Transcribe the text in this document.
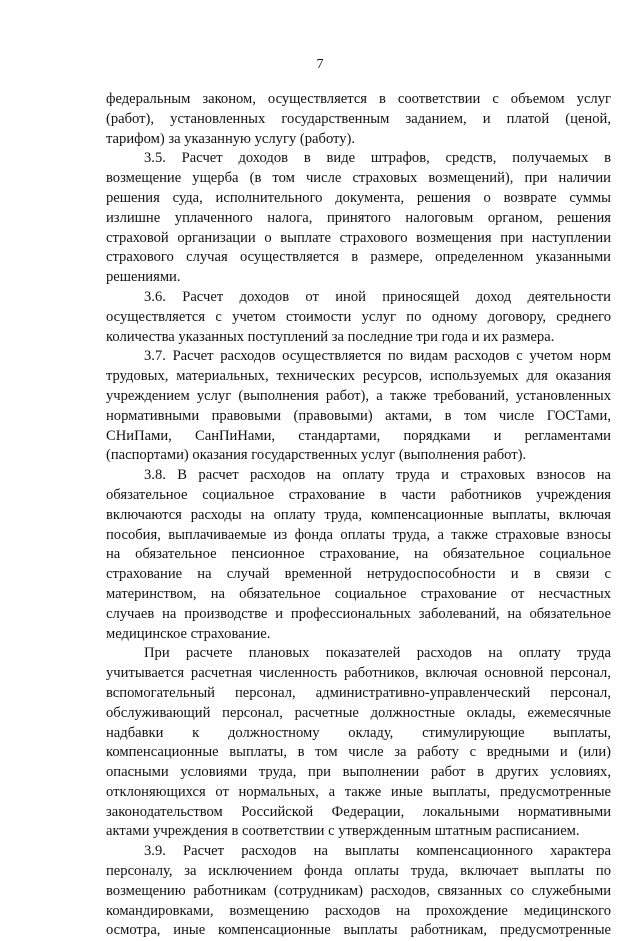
7
федеральным законом, осуществляется в соответствии с объемом услуг
(работ), установленных государственным заданием, и платой (ценой,
тарифом) за указанную услугу (работу).
3.5. Расчет доходов в виде штрафов, средств, получаемых в
возмещение ущерба (в том числе страховых возмещений), при наличии
решения суда, исполнительного документа, решения о возврате суммы
излишне уплаченного налога, принятого налоговым органом, решения
страховой организации о выплате страхового возмещения при наступлении
страхового случая осуществляется в размере, определенном указанными
решениями.
3.6. Расчет доходов от иной приносящей доход деятельности
осуществляется с учетом стоимости услуг по одному договору, среднего
количества указанных поступлений за последние три года и их размера.
3.7. Расчет расходов осуществляется по видам расходов с учетом норм
трудовых, материальных, технических ресурсов, используемых для оказания
учреждением услуг (выполнения работ), а также требований, установленных
нормативными правовыми (правовыми) актами, в том числе ГОСТами,
СНиПами, СанПиНами, стандартами, порядками и регламентами
(паспортами) оказания государственных услуг (выполнения работ).
3.8. В расчет расходов на оплату труда и страховых взносов на
обязательное социальное страхование в части работников учреждения
включаются расходы на оплату труда, компенсационные выплаты, включая
пособия, выплачиваемые из фонда оплаты труда, а также страховые взносы
на обязательное пенсионное страхование, на обязательное социальное
страхование на случай временной нетрудоспособности и в связи с
материнством, на обязательное социальное страхование от несчастных
случаев на производстве и профессиональных заболеваний, на обязательное
медицинское страхование.
При расчете плановых показателей расходов на оплату труда
учитывается расчетная численность работников, включая основной персонал,
вспомогательный персонал, административно-управленческий персонал,
обслуживающий персонал, расчетные должностные оклады, ежемесячные
надбавки к должностному окладу, стимулирующие выплаты,
компенсационные выплаты, в том числе за работу с вредными и (или)
опасными условиями труда, при выполнении работ в других условиях,
отклоняющихся от нормальных, а также иные выплаты, предусмотренные
законодательством Российской Федерации, локальными нормативными
актами учреждения в соответствии с утвержденным штатным расписанием.
3.9. Расчет расходов на выплаты компенсационного характера
персоналу, за исключением фонда оплаты труда, включает выплаты по
возмещению работникам (сотрудникам) расходов, связанных со служебными
командировками, возмещению расходов на прохождение медицинского
осмотра, иные компенсационные выплаты работникам, предусмотренные
